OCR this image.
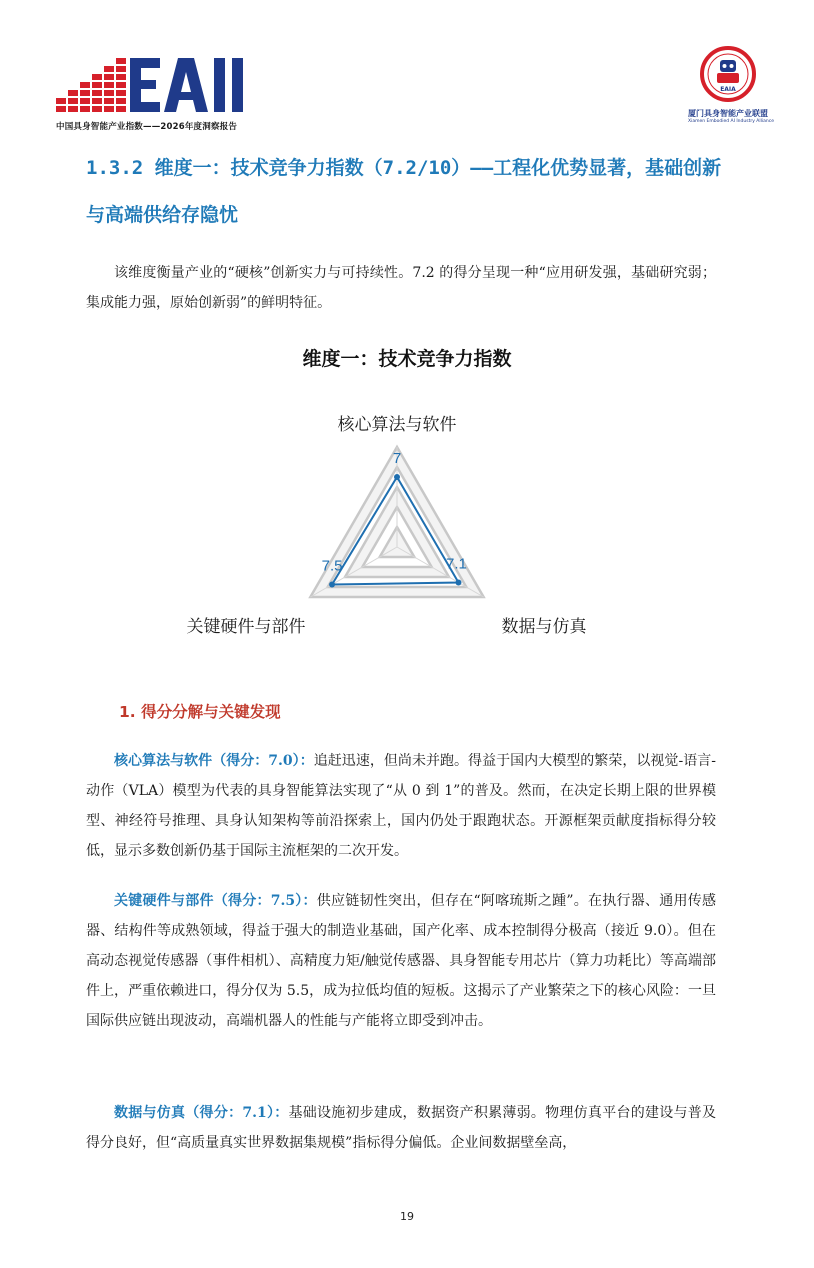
中国具身智能产业指数——2026年度洞察报告
EAIA
厦门具身智能产业联盟
Xiamen Embodied AI Industry Alliance
1.3.2 维度一：技术竞争力指数（7.2/10）——工程化优势显著，基础创新与高端供给存隐忧
该维度衡量产业的“硬核”创新实力与可持续性。7.2 的得分呈现一种“应用研发强，基础研究弱；集成能力强，原始创新弱”的鲜明特征。
维度一：技术竞争力指数
7
7.1
7.5
核心算法与软件
数据与仿真
关键硬件与部件
1. 得分分解与关键发现
核心算法与软件（得分：7.0）：追赶迅速，但尚未并跑。得益于国内大模型的繁荣，以视觉-语言-动作（VLA）模型为代表的具身智能算法实现了“从 0 到 1”的普及。然而，在决定长期上限的世界模型、神经符号推理、具身认知架构等前沿探索上，国内仍处于跟跑状态。开源框架贡献度指标得分较低，显示多数创新仍基于国际主流框架的二次开发。
关键硬件与部件（得分：7.5）：供应链韧性突出，但存在“阿喀琉斯之踵”。在执行器、通用传感器、结构件等成熟领域，得益于强大的制造业基础，国产化率、成本控制得分极高（接近 9.0）。但在高动态视觉传感器（事件相机）、高精度力矩/触觉传感器、具身智能专用芯片（算力功耗比）等高端部件上，严重依赖进口，得分仅为 5.5，成为拉低均值的短板。这揭示了产业繁荣之下的核心风险：一旦国际供应链出现波动，高端机器人的性能与产能将立即受到冲击。
数据与仿真（得分：7.1）：基础设施初步建成，数据资产积累薄弱。物理仿真平台的建设与普及得分良好，但“高质量真实世界数据集规模”指标得分偏低。企业间数据壁垒高，
19
